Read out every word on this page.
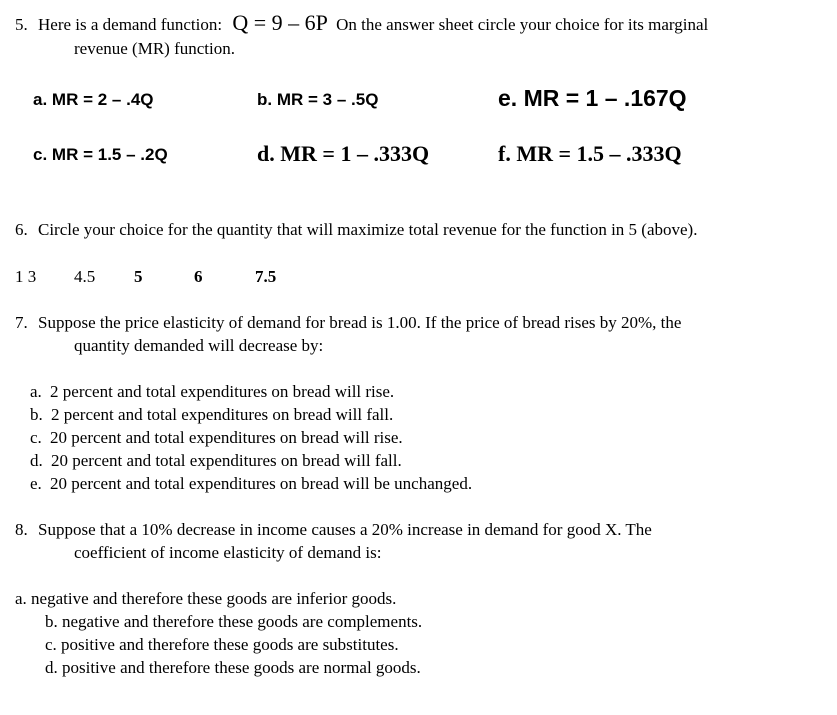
5. Here is a demand function: Q = 9 – 6P On the answer sheet circle your choice for its marginal
revenue (MR) function.
a. MR = 2 – .4Q	b. MR = 3 – .5Q	e. MR = 1 – .167Q
c. MR = 1.5 – .2Q	d. MR = 1 – .333Q	f. MR = 1.5 – .333Q
6. Circle your choice for the quantity that will maximize total revenue for the function in 5 (above).
1 3 4.5 5	6	7.5
7. Suppose the price elasticity of demand for bread is 1.00. If the price of bread rises by 20%, the
quantity demanded will decrease by:
a. 2 percent and total expenditures on bread will rise.
b. 2 percent and total expenditures on bread will fall.
c. 20 percent and total expenditures on bread will rise.
d. 20 percent and total expenditures on bread will fall.
e. 20 percent and total expenditures on bread will be unchanged.
8. Suppose that a 10% decrease in income causes a 20% increase in demand for good X. The
coefficient of income elasticity of demand is:
a. negative and therefore these goods are inferior goods.
b. negative and therefore these goods are complements.
c. positive and therefore these goods are substitutes.
d. positive and therefore these goods are normal goods.
